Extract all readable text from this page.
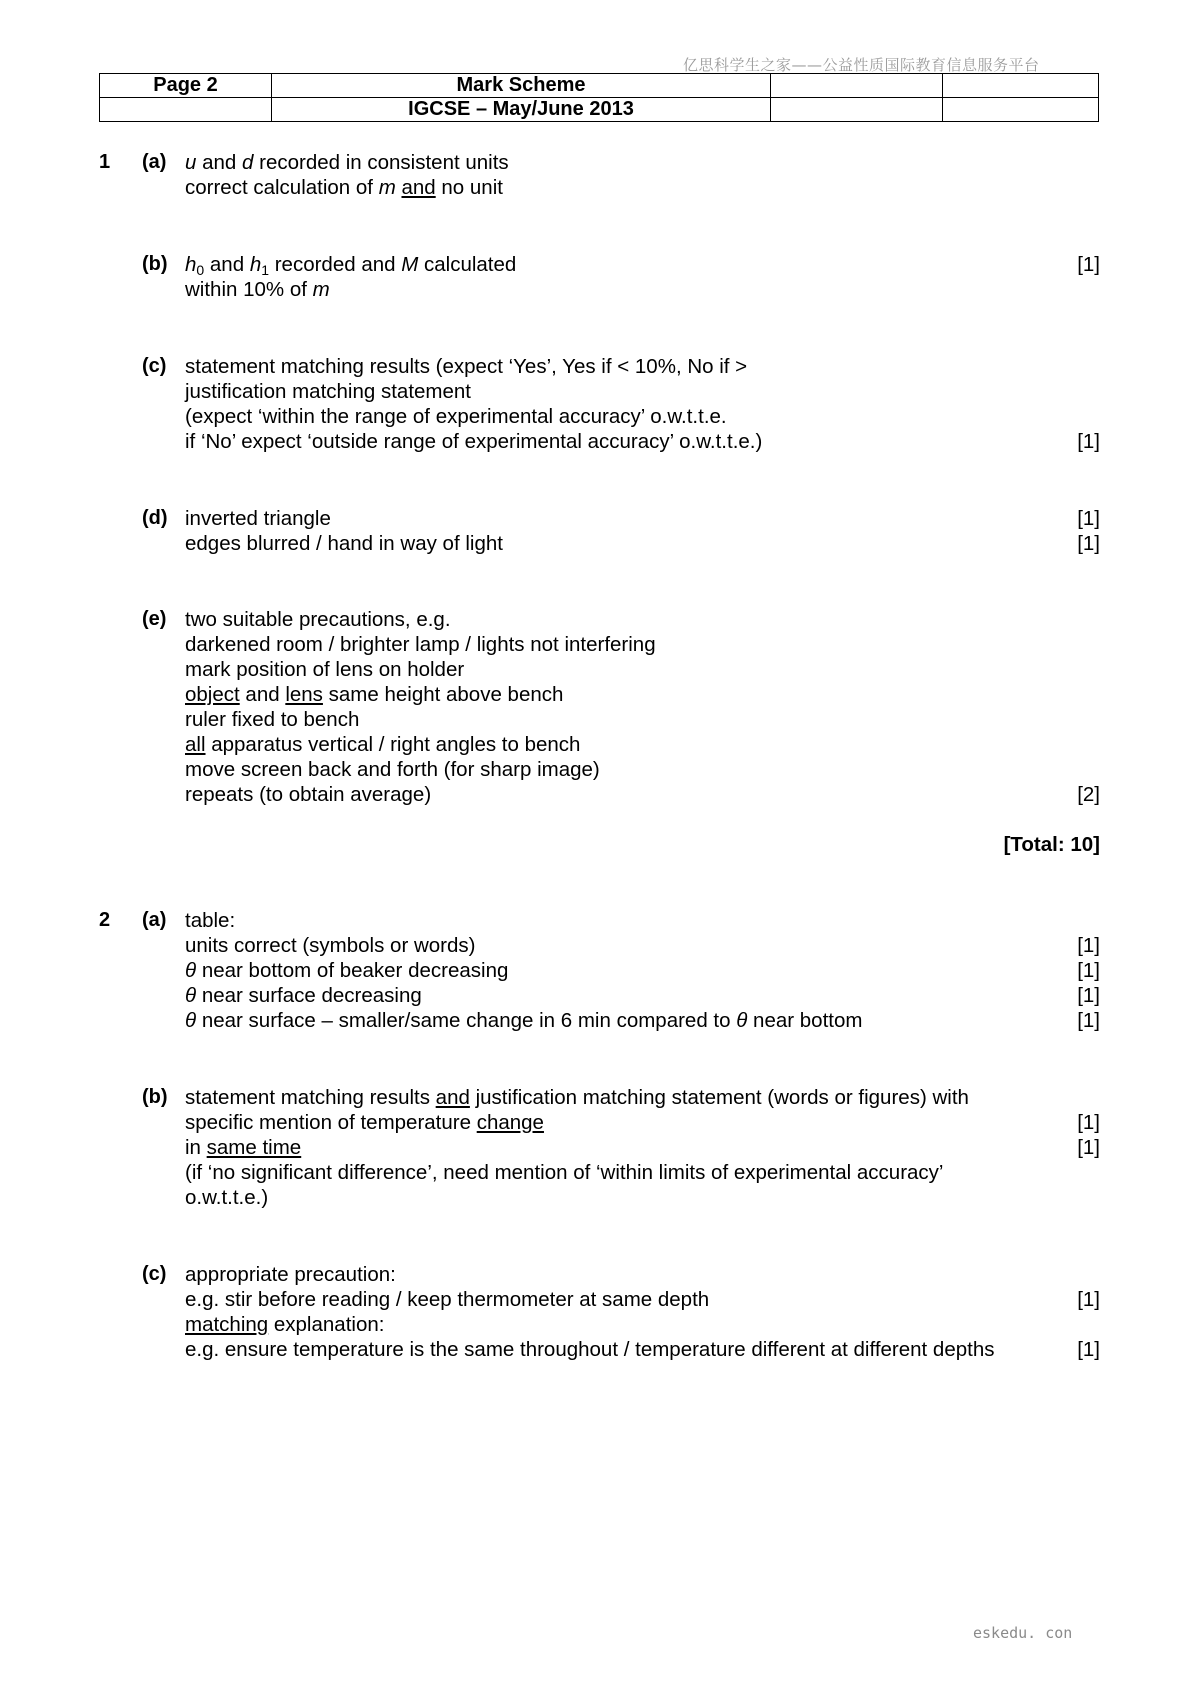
亿思科学生之家——公益性质国际教育信息服务平台
Page 2	Mark Scheme		
	IGCSE – May/June 2013		
1 (a) u and d recorded in consistent units
correct calculation of m and no unit
(b) $h_0$ and $h_1$ recorded and M calculated	[1]
within 10% of m
(c) statement matching results (expect ‘Yes’, Yes if < 10%, No if >
justification matching statement
(expect ‘within the range of experimental accuracy’ o.w.t.t.e.
if ‘No’ expect ‘outside range of experimental accuracy’ o.w.t.t.e.)	[1]
(d) inverted triangle	[1]
edges blurred / hand in way of light	[1]
(e) two suitable precautions, e.g.
darkened room / brighter lamp / lights not interfering
mark position of lens on holder
object and lens same height above bench
ruler fixed to bench
all apparatus vertical / right angles to bench
move screen back and forth (for sharp image)
repeats (to obtain average)	[2]
[Total: 10]
2 (a) table:
units correct (symbols or words)	[1]
θ near bottom of beaker decreasing	[1]
θ near surface decreasing	[1]
θ near surface – smaller/same change in 6 min compared to θ near bottom	[1]
(b) statement matching results and justification matching statement (words or figures) with
specific mention of temperature change	[1]
in same time	[1]
(if ‘no significant difference’, need mention of ‘within limits of experimental accuracy’
o.w.t.t.e.)
(c) appropriate precaution:
e.g. stir before reading / keep thermometer at same depth	[1]
matching explanation:
e.g. ensure temperature is the same throughout / temperature different at different depths	[1]
eskedu. con
